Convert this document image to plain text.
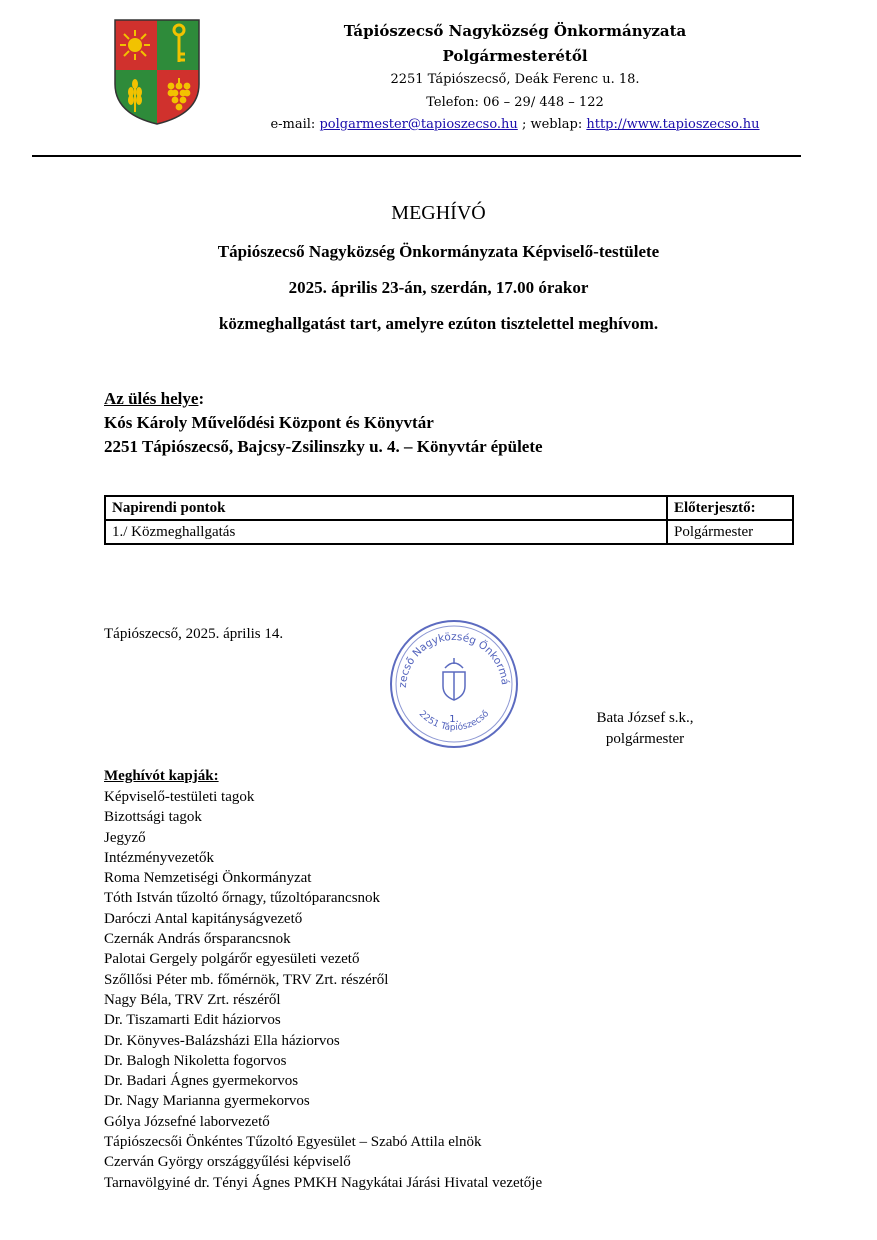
Tápiószecső Nagyközség Önkormányzata
Polgármesterétől
2251 Tápiószecső, Deák Ferenc u. 18.
Telefon: 06 – 29/ 448 – 122
e-mail: polgarmester@tapioszecso.hu ; weblap: http://www.tapioszecso.hu
MEGHÍVÓ
Tápiószecső Nagyközség Önkormányzata Képviselő-testülete
2025. április 23-án, szerdán, 17.00 órakor
közmeghallgatást tart, amelyre ezúton tisztelettel meghívom.
Az ülés helye:
Kós Károly Művelődési Központ és Könyvtár
2251 Tápiószecső, Bajcsy-Zsilinszky u. 4. – Könyvtár épülete
Napirendi pontok	Előterjesztő:
1./ Közmeghallgatás	Polgármester
Tápiószecső, 2025. április 14.
zecső Nagyközség Önkormá
2251 Tápiószecső
1.	Bata József s.k.,
polgármester
Meghívót kapják:
Képviselő-testületi tagok
Bizottsági tagok
Jegyző
Intézményvezetők
Roma Nemzetiségi Önkormányzat
Tóth István tűzoltó őrnagy, tűzoltóparancsnok
Daróczi Antal kapitányságvezető
Czernák András őrsparancsnok
Palotai Gergely polgárőr egyesületi vezető
Szőllősi Péter mb. főmérnök, TRV Zrt. részéről
Nagy Béla, TRV Zrt. részéről
Dr. Tiszamarti Edit háziorvos
Dr. Könyves-Balázsházi Ella háziorvos
Dr. Balogh Nikoletta fogorvos
Dr. Badari Ágnes gyermekorvos
Dr. Nagy Marianna gyermekorvos
Gólya Józsefné laborvezető
Tápiószecsői Önkéntes Tűzoltó Egyesület – Szabó Attila elnök
Czerván György országgyűlési képviselő
Tarnavölgyiné dr. Tényi Ágnes PMKH Nagykátai Járási Hivatal vezetője
